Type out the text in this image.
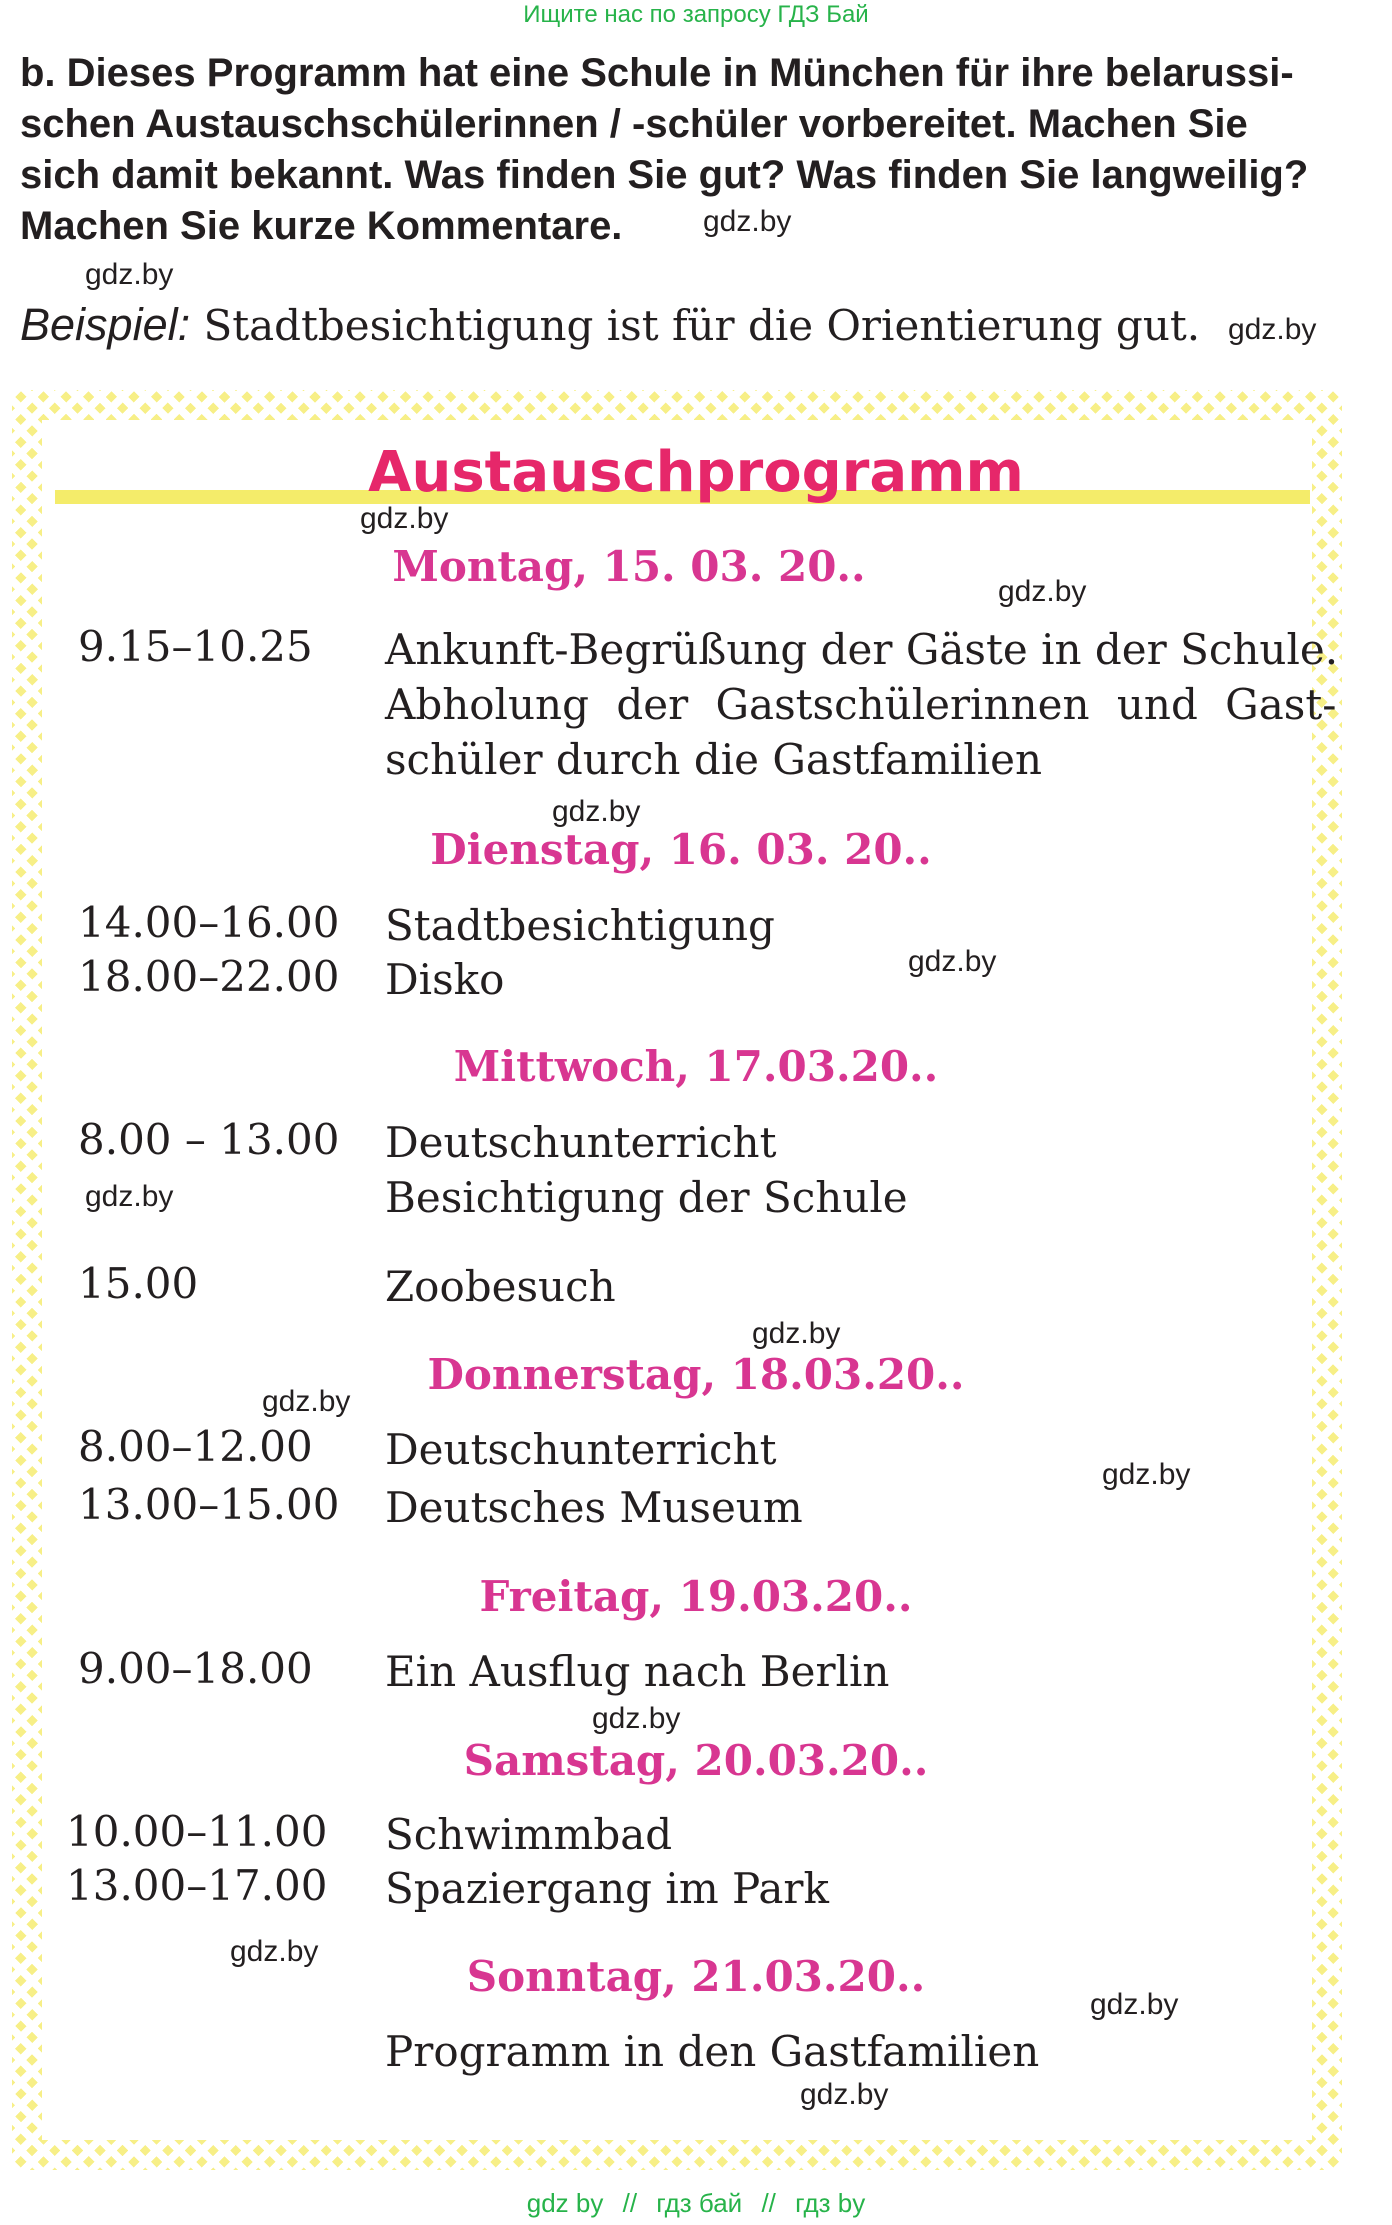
Ищите нас по запросу ГДЗ Бай
b. Dieses Programm hat eine Schule in München für ihre belarussi-
schen Austauschschülerinnen / -schüler vorbereitet. Machen Sie
sich damit bekannt. Was finden Sie gut? Was finden Sie langweilig?
Machen Sie kurze Kommentare.
Beispiel: Stadtbesichtigung ist für die Orientierung gut.
gdz.by
gdz.by
gdz.by
Austauschprogramm
Montag, 15. 03. 20..
9.15–10.25 Ankunft-Begrüßung der Gäste in der Schule.
Abholung der Gastschülerinnen und Gast-
schüler durch die Gastfamilien
Dienstag, 16. 03. 20..
14.00–16.00 Stadtbesichtigung
18.00–22.00 Disko
Mittwoch, 17.03.20..
8.00 – 13.00 Deutschunterricht
Besichtigung der Schule
15.00	Zoobesuch
Donnerstag, 18.03.20..
8.00–12.00 Deutschunterricht
13.00–15.00 Deutsches Museum
Freitag, 19.03.20..
9.00–18.00 Ein Ausflug nach Berlin
Samstag, 20.03.20..
10.00–11.00 Schwimmbad
13.00–17.00 Spaziergang im Park
Sonntag, 21.03.20..
Programm in den Gastfamilien
gdz.by
gdz.by
gdz.by
gdz.by
gdz.by
gdz.by
gdz.by
gdz.by
gdz.by
gdz.by
gdz.by
gdz.by
gdz by // гдз бай // гдз by
